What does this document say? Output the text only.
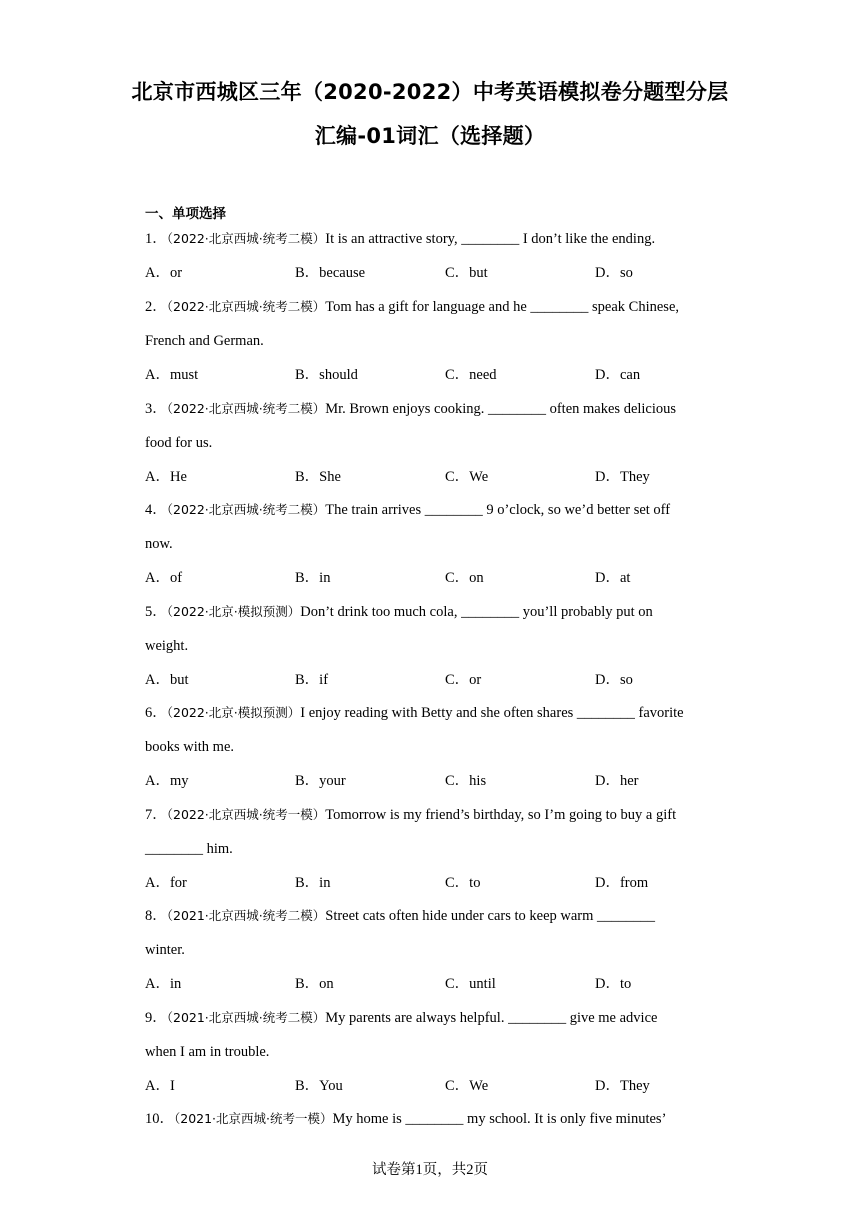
北京市西城区三年（2020-2022）中考英语模拟卷分题型分层
汇编-01词汇（选择题）
一、单项选择
1．（2022·北京西城·统考二模）It is an attractive story, ________ I don’t like the ending.
A．or	B．because	C．but	D．so
2．（2022·北京西城·统考二模）Tom has a gift for language and he ________ speak Chinese,
French and German.
A．must	B．should	C．need	D．can
3．（2022·北京西城·统考二模）Mr. Brown enjoys cooking. ________ often makes delicious
food for us.
A．He	B．She	C．We	D．They
4．（2022·北京西城·统考二模）The train arrives ________ 9 o’clock, so we’d better set off
now.
A．of	B．in	C．on	D．at
5．（2022·北京·模拟预测）Don’t drink too much cola, ________ you’ll probably put on
weight.
A．but	B．if	C．or	D．so
6．（2022·北京·模拟预测）I enjoy reading with Betty and she often shares ________ favorite
books with me.
A．my	B．your	C．his	D．her
7．（2022·北京西城·统考一模）Tomorrow is my friend’s birthday, so I’m going to buy a gift
________ him.
A．for	B．in	C．to	D．from
8．（2021·北京西城·统考二模）Street cats often hide under cars to keep warm ________
winter.
A．in	B．on	C．until	D．to
9．（2021·北京西城·统考二模）My parents are always helpful. ________ give me advice
when I am in trouble.
A．I	B．You	C．We	D．They
10．（2021·北京西城·统考一模）My home is ________ my school. It is only five minutes’
试卷第1页，共2页
